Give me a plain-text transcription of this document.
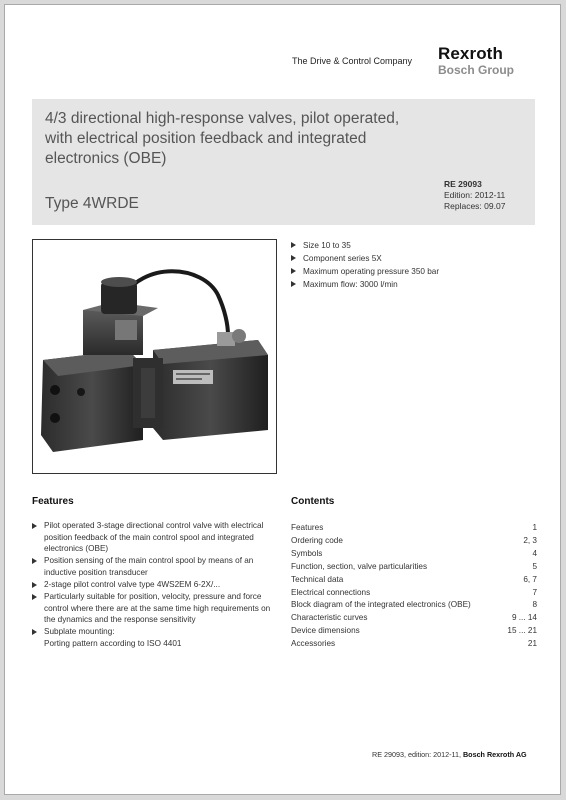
The Drive & Control Company Rexroth
Bosch Group
4/3 directional high-response valves, pilot operated, with electrical position feedback and integrated electronics (OBE)
Type 4WRDE
RE 29093
Edition: 2012-11
Replaces: 09.07
Size 10 to 35
Component series 5X
Maximum operating pressure 350 bar
Maximum flow: 3000 l/min
Features	Contents
Pilot operated 3-stage directional control valve with electrical position feedback of the main control spool and integrated electronics (OBE)
Position sensing of the main control spool by means of an inductive position transducer
2-stage pilot control valve type 4WS2EM 6-2X/...
Particularly suitable for position, velocity, pressure and force control where there are at the same time high requirements on the dynamics and the response sensitivity
Subplate mounting:
Porting pattern according to ISO 4401
Features	1
Ordering code	2, 3
Symbols	4
Function, section, valve particularities	5
Technical data	6, 7
Electrical connections	7
Block diagram of the integrated electronics (OBE)	8
Characteristic curves	9 ... 14
Device dimensions	15 ... 21
Accessories	21
RE 29093, edition: 2012-11, Bosch Rexroth AG
